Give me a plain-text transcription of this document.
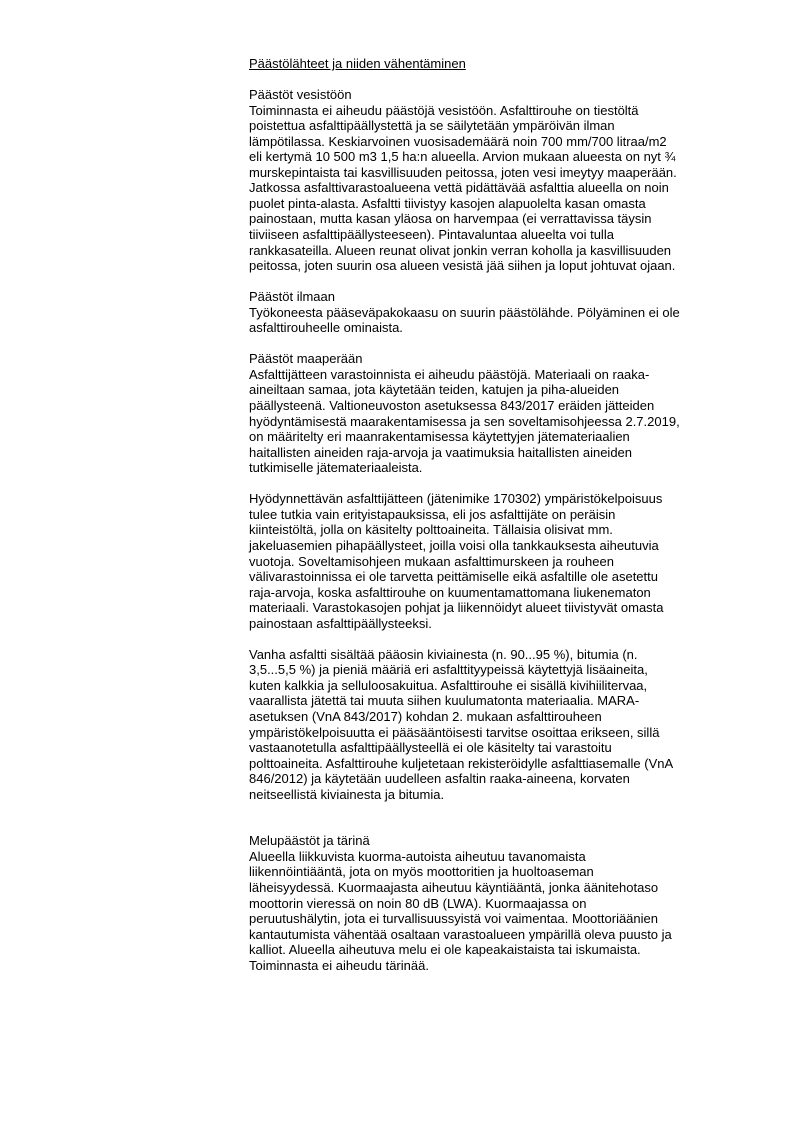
Päästölähteet ja niiden vähentäminen

Päästöt vesistöön

Toiminnasta ei aiheudu päästöjä vesistöön. Asfalttirouhe on tiestöltä
poistettua asfalttipäällystettä ja se säilytetään ympäröivän ilman
lämpötilassa. Keskiarvoinen vuosisademäärä noin 700 mm/700 litraa/m2
eli kertymä 10 500 m3 1,5 ha:n alueella. Arvion mukaan alueesta on nyt ¾
murskepintaista tai kasvillisuuden peitossa, joten vesi imeytyy maaperään.
Jatkossa asfalttivarastoalueena vettä pidättävää asfalttia alueella on noin
puolet pinta-alasta. Asfaltti tiivistyy kasojen alapuolelta kasan omasta
painostaan, mutta kasan yläosa on harvempaa (ei verrattavissa täysin
tiiviiseen asfalttipäällysteeseen). Pintavaluntaa alueelta voi tulla
rankkasateilla. Alueen reunat olivat jonkin verran koholla ja kasvillisuuden
peitossa, joten suurin osa alueen vesistä jää siihen ja loput johtuvat ojaan.

Päästöt ilmaan

Työkoneesta pääseväpakokaasu on suurin päästölähde. Pölyäminen ei ole
asfalttirouheelle ominaista.

Päästöt maaperään

Asfalttijätteen varastoinnista ei aiheudu päästöjä. Materiaali on raaka-
aineiltaan samaa, jota käytetään teiden, katujen ja piha-alueiden
päällysteenä. Valtioneuvoston asetuksessa 843/2017 eräiden jätteiden
hyödyntämisestä maarakentamisessa ja sen soveltamisohjeessa 2.7.2019,
on määritelty eri maanrakentamisessa käytettyjen jätemateriaalien
haitallisten aineiden raja-arvoja ja vaatimuksia haitallisten aineiden
tutkimiselle jätemateriaaleista.

Hyödynnettävän asfalttijätteen (jätenimike 170302) ympäristökelpoisuus
tulee tutkia vain erityistapauksissa, eli jos asfalttijäte on peräisin
kiinteistöltä, jolla on käsitelty polttoaineita. Tällaisia olisivat mm.
jakeluasemien pihapäällysteet, joilla voisi olla tankkauksesta aiheutuvia
vuotoja. Soveltamisohjeen mukaan asfalttimurskeen ja rouheen
välivarastoinnissa ei ole tarvetta peittämiselle eikä asfaltille ole asetettu
raja-arvoja, koska asfalttirouhe on kuumentamattomana liukenematon
materiaali. Varastokasojen pohjat ja liikennöidyt alueet tiivistyvät omasta
painostaan asfalttipäällysteeksi.

Vanha asfaltti sisältää pääosin kiviainesta (n. 90...95 %), bitumia (n.
3,5...5,5 %) ja pieniä määriä eri asfalttityypeissä käytettyjä lisäaineita,
kuten kalkkia ja selluloosakuitua. Asfalttirouhe ei sisällä kivihiilitervaa,
vaarallista jätettä tai muuta siihen kuulumatonta materiaalia. MARA-
asetuksen (VnA 843/2017) kohdan 2. mukaan asfalttirouheen
ympäristökelpoisuutta ei pääsääntöisesti tarvitse osoittaa erikseen, sillä
vastaanotetulla asfalttipäällysteellä ei ole käsitelty tai varastoitu
polttoaineita. Asfalttirouhe kuljetetaan rekisteröidylle asfalttiasemalle (VnA
846/2012) ja käytetään uudelleen asfaltin raaka-aineena, korvaten
neitseellistä kiviainesta ja bitumia.

Melupäästöt ja tärinä

Alueella liikkuvista kuorma-autoista aiheutuu tavanomaista
liikennöintiääntä, jota on myös moottoritien ja huoltoaseman
läheisyydessä. Kuormaajasta aiheutuu käyntiääntä, jonka äänitehotaso
moottorin vieressä on noin 80 dB (LWA). Kuormaajassa on
peruutushälytin, jota ei turvallisuussyistä voi vaimentaa. Moottoriäänien
kantautumista vähentää osaltaan varastoalueen ympärillä oleva puusto ja
kalliot. Alueella aiheutuva melu ei ole kapeakaistaista tai iskumaista.
Toiminnasta ei aiheudu tärinää.
